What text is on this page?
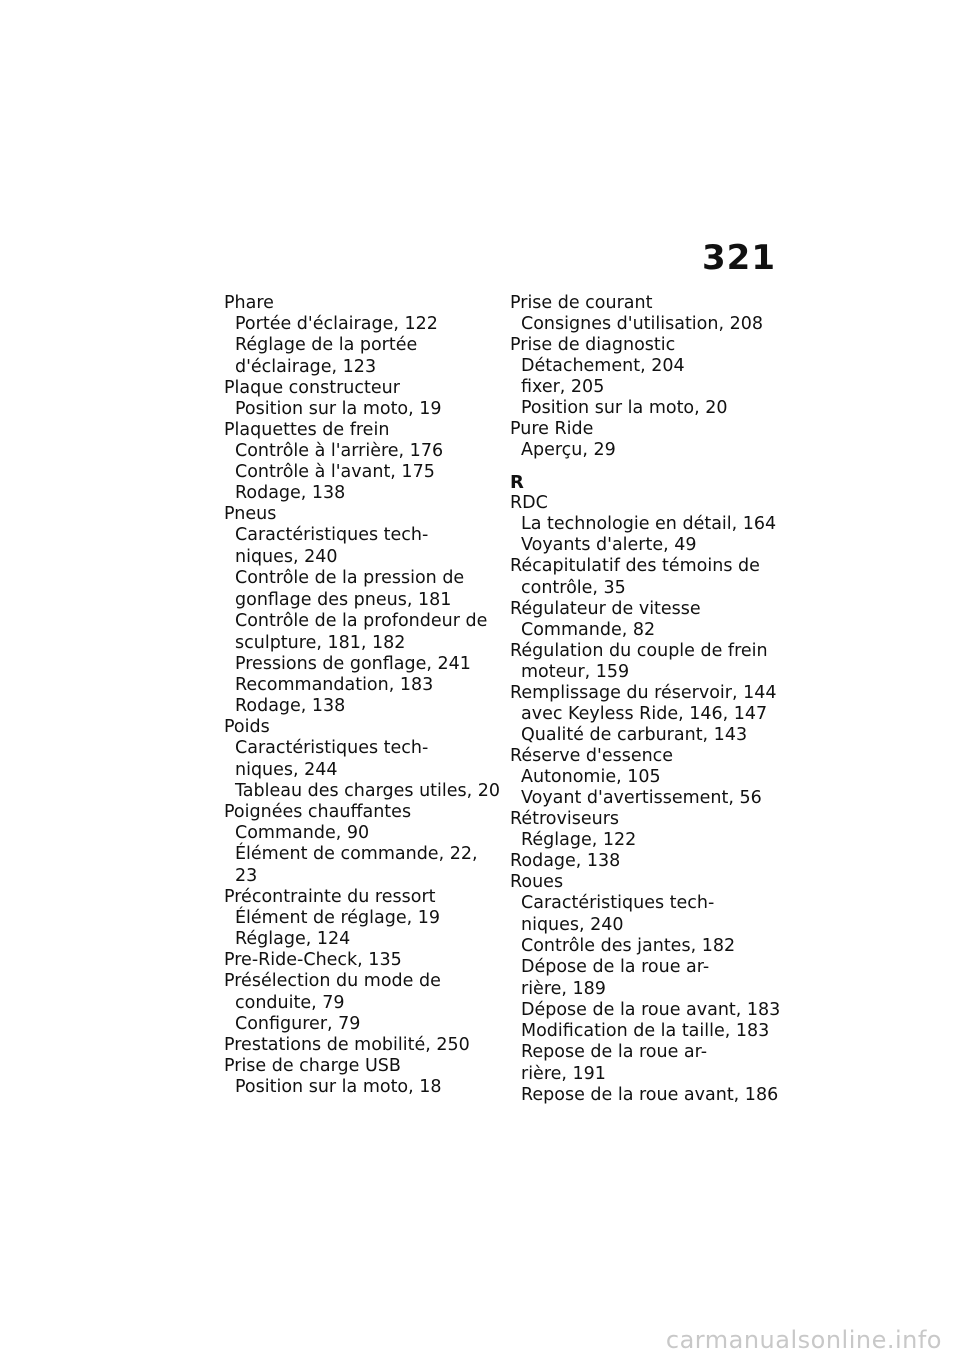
321
Phare
Portée d'éclairage, 122
Réglage de la portée
d'éclairage, 123
Plaque constructeur
Position sur la moto, 19
Plaquettes de frein
Contrôle à l'arrière, 176
Contrôle à l'avant, 175
Rodage, 138
Pneus
Caractéristiques tech-
niques, 240
Contrôle de la pression de
gonflage des pneus, 181
Contrôle de la profondeur de
sculpture, 181, 182
Pressions de gonflage, 241
Recommandation, 183
Rodage, 138
Poids
Caractéristiques tech-
niques, 244
Tableau des charges utiles, 20
Poignées chauffantes
Commande, 90
Élément de commande, 22,
23
Précontrainte du ressort
Élément de réglage, 19
Réglage, 124
Pre-Ride-Check, 135
Présélection du mode de
conduite, 79
Configurer, 79
Prestations de mobilité, 250
Prise de charge USB
Position sur la moto, 18
Prise de courant
Consignes d'utilisation, 208
Prise de diagnostic
Détachement, 204
fixer, 205
Position sur la moto, 20
Pure Ride
Aperçu, 29
R
RDC
La technologie en détail, 164
Voyants d'alerte, 49
Récapitulatif des témoins de
contrôle, 35
Régulateur de vitesse
Commande, 82
Régulation du couple de frein
moteur, 159
Remplissage du réservoir, 144
avec Keyless Ride, 146, 147
Qualité de carburant, 143
Réserve d'essence
Autonomie, 105
Voyant d'avertissement, 56
Rétroviseurs
Réglage, 122
Rodage, 138
Roues
Caractéristiques tech-
niques, 240
Contrôle des jantes, 182
Dépose de la roue ar-
rière, 189
Dépose de la roue avant, 183
Modification de la taille, 183
Repose de la roue ar-
rière, 191
Repose de la roue avant, 186
carmanualsonline.info
